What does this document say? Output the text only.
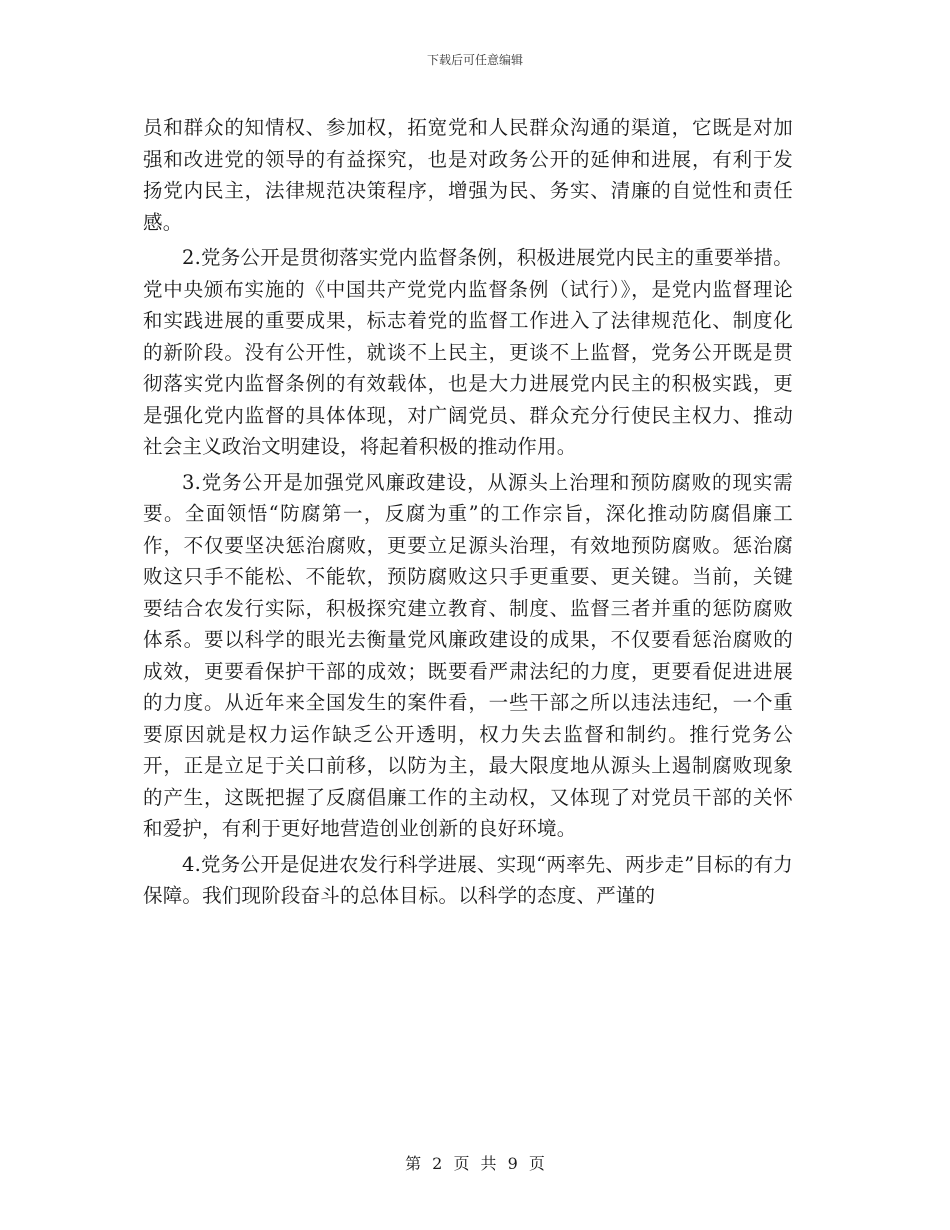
下载后可任意编辑

员和群众的知情权、参加权，拓宽党和人民群众沟通的渠道，它既是对加强和改进党的领导的有益探究，也是对政务公开的延伸和进展，有利于发扬党内民主，法律规范决策程序，增强为民、务实、清廉的自觉性和责任感。

2.党务公开是贯彻落实党内监督条例，积极进展党内民主的重要举措。党中央颁布实施的《中国共产党党内监督条例（试行）》，是党内监督理论和实践进展的重要成果，标志着党的监督工作进入了法律规范化、制度化的新阶段。没有公开性，就谈不上民主，更谈不上监督，党务公开既是贯彻落实党内监督条例的有效载体，也是大力进展党内民主的积极实践，更是强化党内监督的具体体现，对广阔党员、群众充分行使民主权力、推动社会主义政治文明建设，将起着积极的推动作用。

3.党务公开是加强党风廉政建设，从源头上治理和预防腐败的现实需要。全面领悟“防腐第一，反腐为重”的工作宗旨，深化推动防腐倡廉工作，不仅要坚决惩治腐败，更要立足源头治理，有效地预防腐败。惩治腐败这只手不能松、不能软，预防腐败这只手更重要、更关键。当前，关键要结合农发行实际，积极探究建立教育、制度、监督三者并重的惩防腐败体系。要以科学的眼光去衡量党风廉政建设的成果，不仅要看惩治腐败的成效，更要看保护干部的成效；既要看严肃法纪的力度，更要看促进进展的力度。从近年来全国发生的案件看，一些干部之所以违法违纪，一个重要原因就是权力运作缺乏公开透明，权力失去监督和制约。推行党务公开，正是立足于关口前移，以防为主，最大限度地从源头上遏制腐败现象的产生，这既把握了反腐倡廉工作的主动权，又体现了对党员干部的关怀和爱护，有利于更好地营造创业创新的良好环境。

4.党务公开是促进农发行科学进展、实现“两率先、两步走”目标的有力保障。我们现阶段奋斗的总体目标。以科学的态度、严谨的

第 2 页 共 9 页
